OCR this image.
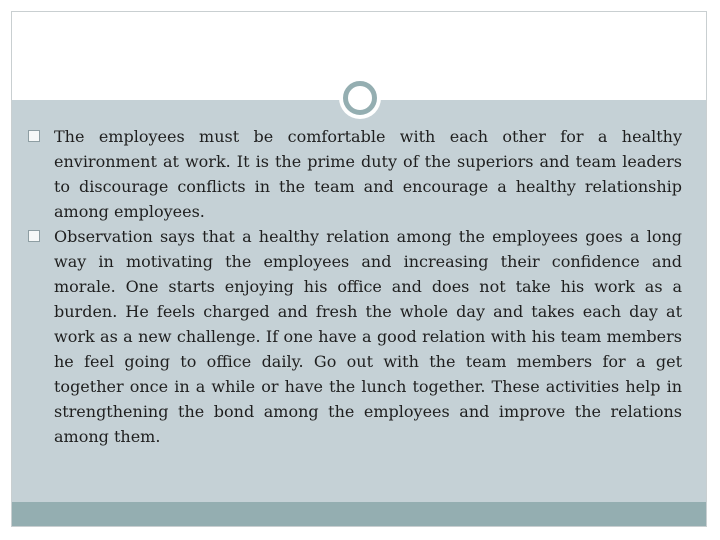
The employees must be comfortable with each other for a healthy environment at work. It is the prime duty of the superiors and team leaders to discourage conflicts in the team and encourage a healthy relationship among employees.
Observation says that a healthy relation among the employees goes a long way in motivating the employees and increasing their confidence and morale. One starts enjoying his office and does not take his work as a burden. He feels charged and fresh the whole day and takes each day at work as a new challenge. If one have a good relation with his team members he feel going to office daily. Go out with the team members for a get together once in a while or have the lunch together. These activities help in strengthening the bond among the employees and improve the relations among them.
